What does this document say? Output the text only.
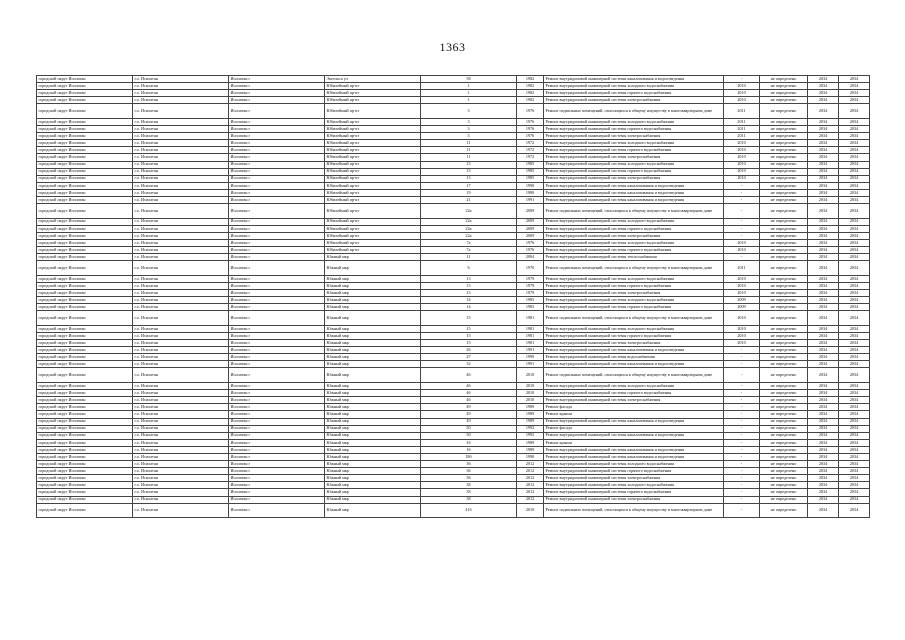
1363
городской округ Исилатан	г.о. Исилатан	Исилатан г	Энгельса ул	58	1982	Ремонт внутридомовой инженерной системы канализования и водоотведения	-	не определено	2034	2034
городской округ Исилатан	г.о. Исилатан	Исилатан г	Юбилейный пр-кт	1	1982	Ремонт внутридомовой инженерной системы холодного водоснабжения	2010	не определено	2034	2034
городской округ Исилатан	г.о. Исилатан	Исилатан г	Юбилейный пр-кт	1	1982	Ремонт внутридомовой инженерной системы горячего водоснабжения	2010	не определено	2034	2034
городской округ Исилатан	г.о. Исилатан	Исилатан г	Юбилейный пр-кт	1	1982	Ремонт внутридомовой инженерной системы электроснабжения	2010	не определено	2034	2034
городской округ Исилатан	г.о. Исилатан	Исилатан г	Юбилейный пр-кт	3	1976	Ремонт подвальных помещений, относящихся к общему имуществу в многоквартирном доме	2011	не определено	2034	2034
городской округ Исилатан	г.о. Исилатан	Исилатан г	Юбилейный пр-кт	3	1976	Ремонт внутридомовой инженерной системы холодного водоснабжения	2011	не определено	2034	2034
городской округ Исилатан	г.о. Исилатан	Исилатан г	Юбилейный пр-кт	3	1976	Ремонт внутридомовой инженерной системы горячего водоснабжения	2011	не определено	2034	2034
городской округ Исилатан	г.о. Исилатан	Исилатан г	Юбилейный пр-кт	3	1976	Ремонт внутридомовой инженерной системы электроснабжения	2011	не определено	2034	2034
городской округ Исилатан	г.о. Исилатан	Исилатан г	Юбилейный пр-кт	11	1972	Ремонт внутридомовой инженерной системы холодного водоснабжения	2010	не определено	2034	2034
городской округ Исилатан	г.о. Исилатан	Исилатан г	Юбилейный пр-кт	11	1972	Ремонт внутридомовой инженерной системы горячего водоснабжения	2010	не определено	2034	2034
городской округ Исилатан	г.о. Исилатан	Исилатан г	Юбилейный пр-кт	11	1972	Ремонт внутридомовой инженерной системы электроснабжения	2010	не определено	2034	2034
городской округ Исилатан	г.о. Исилатан	Исилатан г	Юбилейный пр-кт	13	1985	Ремонт внутридомовой инженерной системы холодного водоснабжения	2010	не определено	2034	2034
городской округ Исилатан	г.о. Исилатан	Исилатан г	Юбилейный пр-кт	13	1985	Ремонт внутридомовой инженерной системы горячего водоснабжения	2010	не определено	2034	2034
городской округ Исилатан	г.о. Исилатан	Исилатан г	Юбилейный пр-кт	13	1985	Ремонт внутридомовой инженерной системы электроснабжения	2010	не определено	2034	2034
городской округ Исилатан	г.о. Исилатан	Исилатан г	Юбилейный пр-кт	17	1990	Ремонт внутридомовой инженерной системы канализования и водоотведения	-	не определено	2034	2034
городской округ Исилатан	г.о. Исилатан	Исилатан г	Юбилейный пр-кт	19	1990	Ремонт внутридомовой инженерной системы канализования и водоотведения	-	не определено	2034	2034
городской округ Исилатан	г.о. Исилатан	Исилатан г	Юбилейный пр-кт	21	1991	Ремонт внутридомовой инженерной системы канализования и водоотведения	-	не определено	2034	2034
городской округ Исилатан	г.о. Исилатан	Исилатан г	Юбилейный пр-кт	22а	2009	Ремонт подвальных помещений, относящихся к общему имуществу в многоквартирном доме	-	не определено	2034	2034
городской округ Исилатан	г.о. Исилатан	Исилатан г	Юбилейный пр-кт	22а	2009	Ремонт внутридомовой инженерной системы холодного водоснабжения	-	не определено	2034	2034
городской округ Исилатан	г.о. Исилатан	Исилатан г	Юбилейный пр-кт	22а	2009	Ремонт внутридомовой инженерной системы горячего водоснабжения	-	не определено	2034	2034
городской округ Исилатан	г.о. Исилатан	Исилатан г	Юбилейный пр-кт	22а	2009	Ремонт внутридомовой инженерной системы электроснабжения	-	не определено	2034	2034
городской округ Исилатан	г.о. Исилатан	Исилатан г	Юбилейный пр-кт	7а	1976	Ремонт внутридомовой инженерной системы холодного водоснабжения	2010	не определено	2034	2034
городской округ Исилатан	г.о. Исилатан	Исилатан г	Юбилейный пр-кт	7а	1976	Ремонт внутридомовой инженерной системы горячего водоснабжения	2010	не определено	2034	2034
городской округ Исилатан	г.о. Исилатан	Исилатан г	Южный мкр	11	2004	Ремонт внутридомовой инженерной системы теплоснабжения	-	не определено	2034	2034
городской округ Исилатан	г.о. Исилатан	Исилатан г	Южный мкр	6	1970	Ремонт подвальных помещений, относящихся к общему имуществу в многоквартирном доме	2011	не определено	2034	2034
городской округ Исилатан	г.о. Исилатан	Исилатан г	Южный мкр	13	1979	Ремонт внутридомовой инженерной системы холодного водоснабжения	2010	не определено	2034	2034
городской округ Исилатан	г.о. Исилатан	Исилатан г	Южный мкр	13	1979	Ремонт внутридомовой инженерной системы горячего водоснабжения	2010	не определено	2034	2034
городской округ Исилатан	г.о. Исилатан	Исилатан г	Южный мкр	13	1979	Ремонт внутридомовой инженерной системы электроснабжения	2010	не определено	2034	2034
городской округ Исилатан	г.о. Исилатан	Исилатан г	Южный мкр	14	1983	Ремонт внутридомовой инженерной системы холодного водоснабжения	2009	не определено	2034	2034
городской округ Исилатан	г.о. Исилатан	Исилатан г	Южный мкр	14	1983	Ремонт внутридомовой инженерной системы горячего водоснабжения	2009	не определено	2034	2034
городской округ Исилатан	г.о. Исилатан	Исилатан г	Южный мкр	15	1981	Ремонт подвальных помещений, относящихся к общему имуществу в многоквартирном доме	2010	не определено	2034	2034
городской округ Исилатан	г.о. Исилатан	Исилатан г	Южный мкр	15	1981	Ремонт внутридомовой инженерной системы холодного водоснабжения	2010	не определено	2034	2034
городской округ Исилатан	г.о. Исилатан	Исилатан г	Южный мкр	15	1981	Ремонт внутридомовой инженерной системы горячего водоснабжения	2010	не определено	2034	2034
городской округ Исилатан	г.о. Исилатан	Исилатан г	Южный мкр	15	1981	Ремонт внутридомовой инженерной системы электроснабжения	2010	не определено	2034	2034
городской округ Исилатан	г.о. Исилатан	Исилатан г	Южный мкр	26	1991	Ремонт внутридомовой инженерной системы канализования и водоотведения	-	не определено	2034	2034
городской округ Исилатан	г.о. Исилатан	Исилатан г	Южный мкр	27	1999	Ремонт внутридомовой инженерной системы водоснабжения	-	не определено	2034	2034
городской округ Исилатан	г.о. Исилатан	Исилатан г	Южный мкр	32	1991	Ремонт внутридомовой инженерной системы канализования и водоотведения	-	не определено	2034	2034
городской округ Исилатан	г.о. Исилатан	Исилатан г	Южный мкр	46	2010	Ремонт подвальных помещений, относящихся к общему имуществу в многоквартирном доме	-	не определено	2034	2034
городской округ Исилатан	г.о. Исилатан	Исилатан г	Южный мкр	46	2010	Ремонт внутридомовой инженерной системы холодного водоснабжения	-	не определено	2034	2034
городской округ Исилатан	г.о. Исилатан	Исилатан г	Южный мкр	46	2010	Ремонт внутридомовой инженерной системы горячего водоснабжения	-	не определено	2034	2034
городской округ Исилатан	г.о. Исилатан	Исилатан г	Южный мкр	46	2010	Ремонт внутридомовой инженерной системы электроснабжения	-	не определено	2034	2034
городской округ Исилатан	г.о. Исилатан	Исилатан г	Южный мкр	49	1989	Ремонт фасада	-	не определено	2034	2034
городской округ Исилатан	г.о. Исилатан	Исилатан г	Южный мкр	49	1989	Ремонт крыши	-	не определено	2034	2034
городской округ Исилатан	г.о. Исилатан	Исилатан г	Южный мкр	49	1989	Ремонт внутридомовой инженерной системы канализования и водоотведения	-	не определено	2034	2034
городской округ Исилатан	г.о. Исилатан	Исилатан г	Южный мкр	50	1992	Ремонт фасада	-	не определено	2034	2034
городской округ Исилатан	г.о. Исилатан	Исилатан г	Южный мкр	50	1992	Ремонт внутридомовой инженерной системы канализования и водоотведения	-	не определено	2034	2034
городской округ Исилатан	г.о. Исилатан	Исилатан г	Южный мкр	16	1989	Ремонт крыши	-	не определено	2034	2034
городской округ Исилатан	г.о. Исилатан	Исилатан г	Южный мкр	16	1989	Ремонт внутридомовой инженерной системы канализования и водоотведения	-	не определено	2034	2034
городской округ Исилатан	г.о. Исилатан	Исилатан г	Южный мкр	18б	1990	Ремонт внутридомовой инженерной системы канализования и водоотведения	-	не определено	2034	2034
городской округ Исилатан	г.о. Исилатан	Исилатан г	Южный мкр	36	2012	Ремонт внутридомовой инженерной системы холодного водоснабжения	-	не определено	2034	2034
городской округ Исилатан	г.о. Исилатан	Исилатан г	Южный мкр	36	2012	Ремонт внутридомовой инженерной системы горячего водоснабжения	-	не определено	2034	2034
городской округ Исилатан	г.о. Исилатан	Исилатан г	Южный мкр	36	2012	Ремонт внутридомовой инженерной системы электроснабжения	-	не определено	2034	2034
городской округ Исилатан	г.о. Исилатан	Исилатан г	Южный мкр	38	2012	Ремонт внутридомовой инженерной системы холодного водоснабжения	-	не определено	2034	2034
городской округ Исилатан	г.о. Исилатан	Исилатан г	Южный мкр	38	2012	Ремонт внутридомовой инженерной системы горячего водоснабжения	-	не определено	2034	2034
городской округ Исилатан	г.о. Исилатан	Исилатан г	Южный мкр	38	2012	Ремонт внутридомовой инженерной системы электроснабжения	-	не определено	2034	2034
городской округ Исилатан	г.о. Исилатан	Исилатан г	Южный мкр	41б	2010	Ремонт подвальных помещений, относящихся к общему имуществу в многоквартирном доме	-	не определено	2034	2034
